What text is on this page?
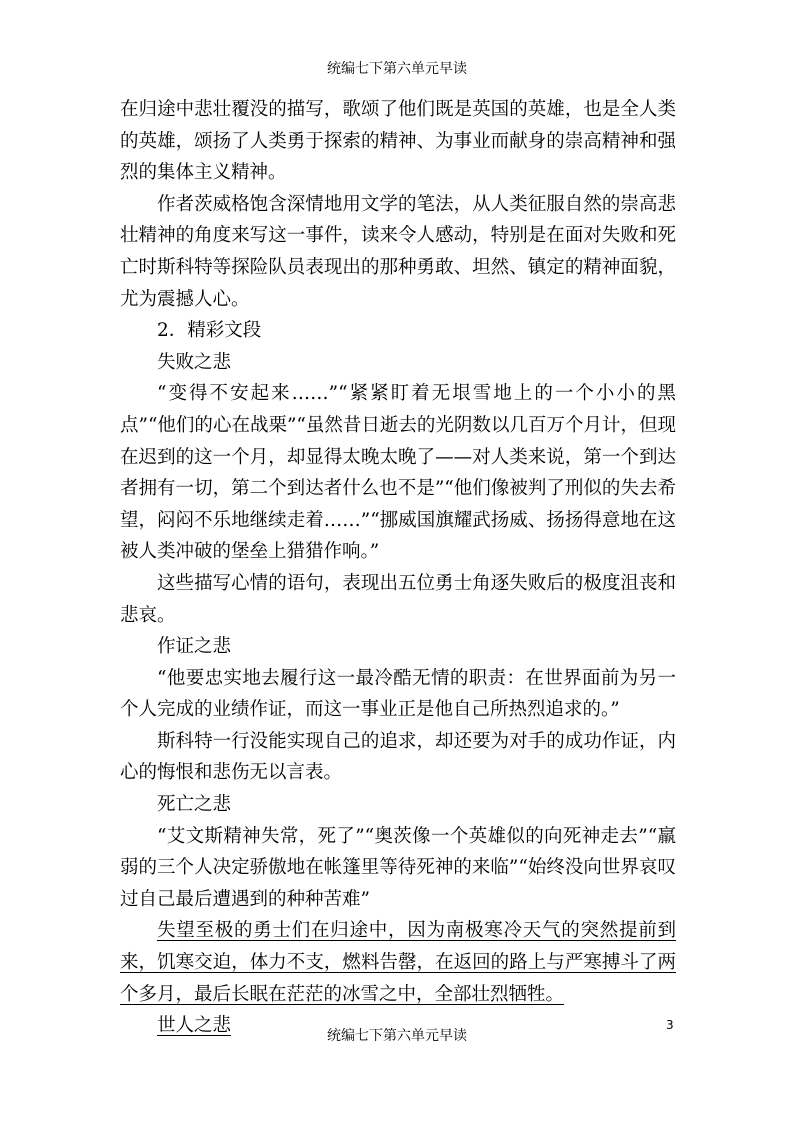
统编七下第六单元早读

在归途中悲壮覆没的描写，歌颂了他们既是英国的英雄，也是全人类的英雄，颂扬了人类勇于探索的精神、为事业而献身的崇高精神和强烈的集体主义精神。

作者茨威格饱含深情地用文学的笔法，从人类征服自然的崇高悲壮精神的角度来写这一事件，读来令人感动，特别是在面对失败和死亡时斯科特等探险队员表现出的那种勇敢、坦然、镇定的精神面貌，尤为震撼人心。

2．精彩文段

失败之悲

“变得不安起来……”“紧紧盯着无垠雪地上的一个小小的黑点”“他们的心在战栗”“虽然昔日逝去的光阴数以几百万个月计，但现在迟到的这一个月，却显得太晚太晚了——对人类来说，第一个到达者拥有一切，第二个到达者什么也不是”“他们像被判了刑似的失去希望，闷闷不乐地继续走着……”“挪威国旗耀武扬威、扬扬得意地在这被人类冲破的堡垒上猎猎作响。”

这些描写心情的语句，表现出五位勇士角逐失败后的极度沮丧和悲哀。

作证之悲

“他要忠实地去履行这一最冷酷无情的职责：在世界面前为另一个人完成的业绩作证，而这一事业正是他自己所热烈追求的。”

斯科特一行没能实现自己的追求，却还要为对手的成功作证，内心的悔恨和悲伤无以言表。

死亡之悲

“艾文斯精神失常，死了”“奥茨像一个英雄似的向死神走去”“羸弱的三个人决定骄傲地在帐篷里等待死神的来临”“始终没向世界哀叹过自己最后遭遇到的种种苦难”

失望至极的勇士们在归途中，因为南极寒冷天气的突然提前到来，饥寒交迫，体力不支，燃料告罄，在返回的路上与严寒搏斗了两个多月，最后长眠在茫茫的冰雪之中，全部壮烈牺牲。

世人之悲	统编七下第六单元早读
3
